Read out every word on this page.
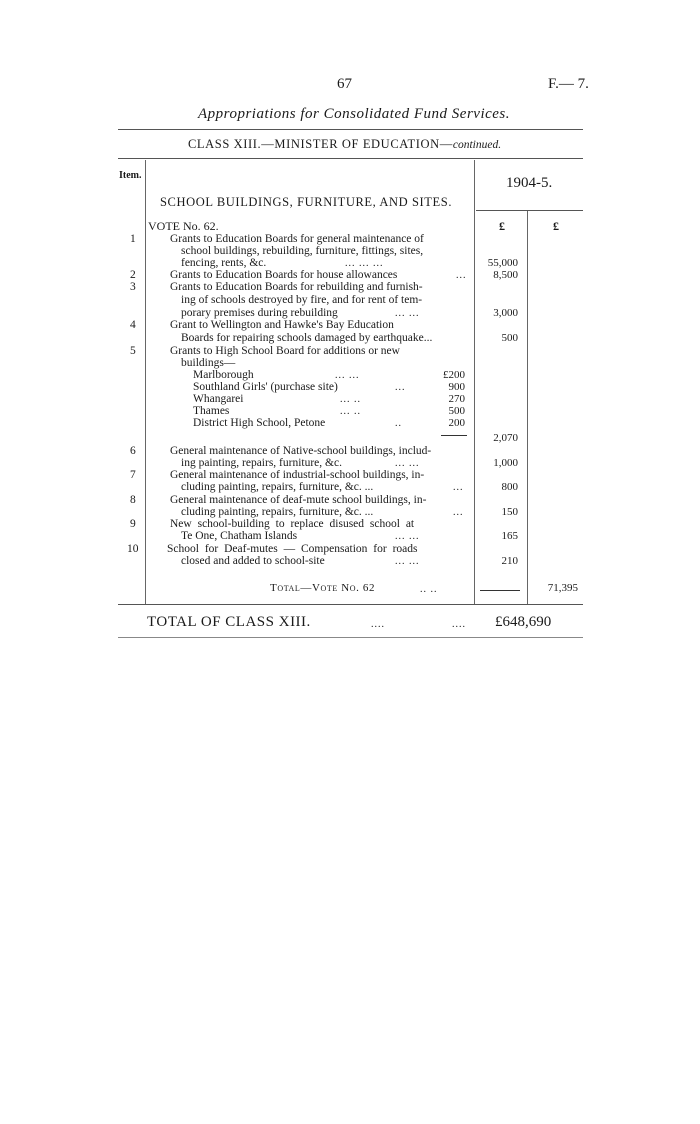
67	F.— 7.
Appropriations for Consolidated Fund Services.
CLASS XIII.—MINISTER OF EDUCATION—continued.
Item.	1904-5.
SCHOOL BUILDINGS, FURNITURE, AND SITES.
VOTE No. 62.	£	£
1	Grants to Education Boards for general maintenance of
school buildings, rebuilding, furniture, fittings, sites,
fencing, rents, &c.	... ... ...	55,000
2	Grants to Education Boards for house allowances	...	8,500
3	Grants to Education Boards for rebuilding and furnish-
ing of schools destroyed by fire, and for rent of tem-
porary premises during rebuilding	... ...	3,000
4	Grant to Wellington and Hawke's Bay Education
Boards for repairing schools damaged by earthquake...	500
5	Grants to High School Board for additions or new
buildings—
Marlborough	... ...	£200
Southland Girls' (purchase site)	...	900
Whangarei	... ..	270
Thames	... ..	500
District High School, Petone	..	200
2,070
6	General maintenance of Native-school buildings, includ-
ing painting, repairs, furniture, &c.	... ...	1,000
7	General maintenance of industrial-school buildings, in-
cluding painting, repairs, furniture, &c. ...	...	800
8	General maintenance of deaf-mute school buildings, in-
cluding painting, repairs, furniture, &c. ...	...	150
9	New school-building to replace disused school at
Te One, Chatham Islands	... ...	165
10 School for Deaf-mutes — Compensation for roads
closed and added to school-site	... ...	210
Total—Vote No. 62	.. ..	71,395
TOTAL OF CLASS XIII.	....	.... £648,690
